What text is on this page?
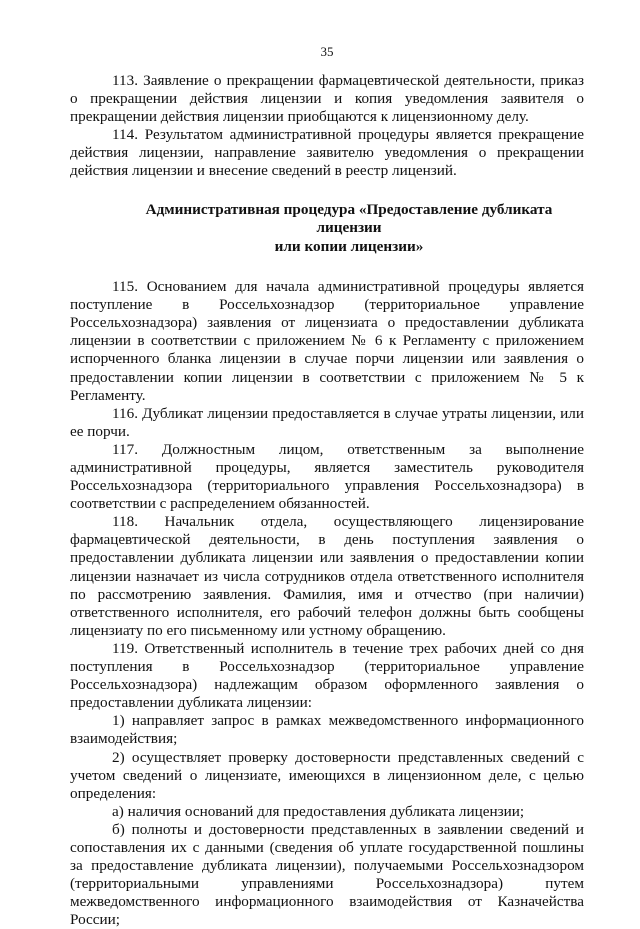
35

113. Заявление о прекращении фармацевтической деятельности, приказ о прекращении действия лицензии и копия уведомления заявителя о прекращении действия лицензии приобщаются к лицензионному делу.

114. Результатом административной процедуры является прекращение действия лицензии, направление заявителю уведомления о прекращении действия лицензии и внесение сведений в реестр лицензий.

Административная процедура «Предоставление дубликата лицензии
или копии лицензии»

115. Основанием для начала административной процедуры является поступление в Россельхознадзор (территориальное управление Россельхознадзора) заявления от лицензиата о предоставлении дубликата лицензии в соответствии с приложением № 6 к Регламенту с приложением испорченного бланка лицензии в случае порчи лицензии или заявления о предоставлении копии лицензии в соответствии с приложением № 5 к Регламенту.

116. Дубликат лицензии предоставляется в случае утраты лицензии, или ее порчи.

117. Должностным лицом, ответственным за выполнение административной процедуры, является заместитель руководителя Россельхознадзора (территориального управления Россельхознадзора) в соответствии с распределением обязанностей.

118. Начальник отдела, осуществляющего лицензирование фармацевтической деятельности, в день поступления заявления о предоставлении дубликата лицензии или заявления о предоставлении копии лицензии назначает из числа сотрудников отдела ответственного исполнителя по рассмотрению заявления. Фамилия, имя и отчество (при наличии) ответственного исполнителя, его рабочий телефон должны быть сообщены лицензиату по его письменному или устному обращению.

119. Ответственный исполнитель в течение трех рабочих дней со дня поступления в Россельхознадзор (территориальное управление Россельхознадзора) надлежащим образом оформленного заявления о предоставлении дубликата лицензии:

1) направляет запрос в рамках межведомственного информационного взаимодействия;

2) осуществляет проверку достоверности представленных сведений с учетом сведений о лицензиате, имеющихся в лицензионном деле, с целью определения:

а) наличия оснований для предоставления дубликата лицензии;

б) полноты и достоверности представленных в заявлении сведений и сопоставления их с данными (сведения об уплате государственной пошлины за предоставление дубликата лицензии), получаемыми Россельхознадзором (территориальными управлениями Россельхознадзора) путем межведомственного информационного взаимодействия от Казначейства России;
